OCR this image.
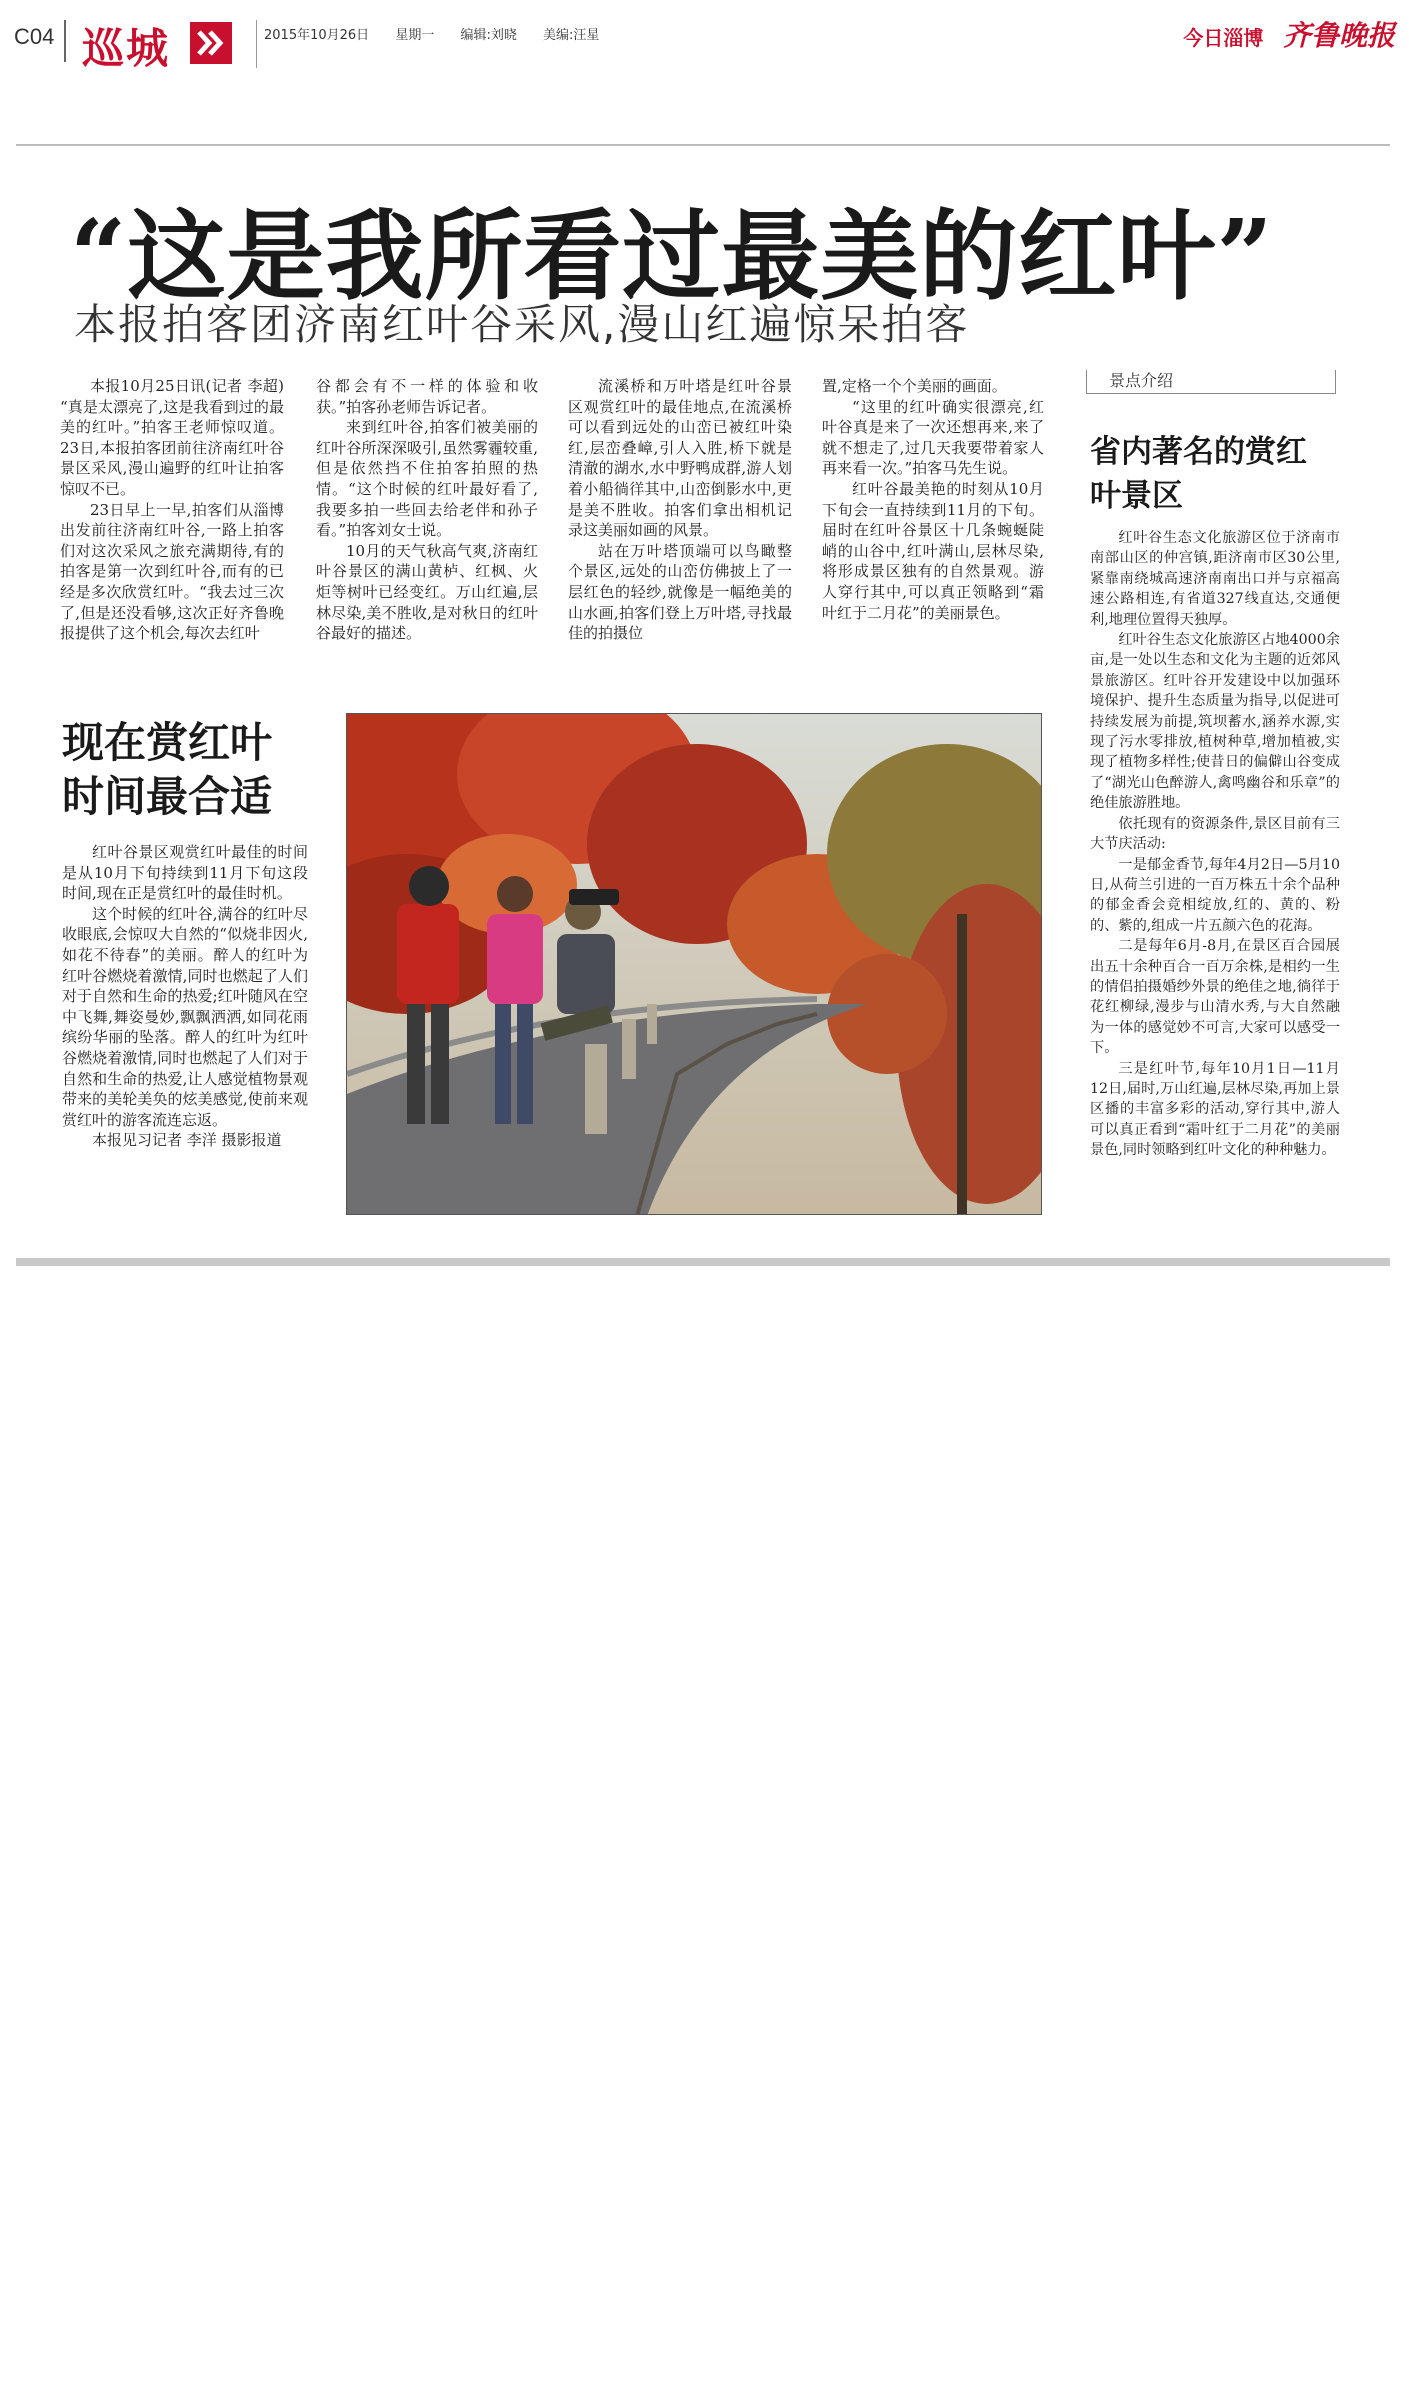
C04 巡城	2015年10月26日 星期一 编辑:刘晓 美编:汪星	今日淄博 齐鲁晚报
“这是我所看过最美的红叶”
本报拍客团济南红叶谷采风,漫山红遍惊呆拍客

本报10月25日讯(记者 李超) “真是太漂亮了,这是我看到过的最美的红叶。”拍客王老师惊叹道。23日,本报拍客团前往济南红叶谷景区采风,漫山遍野的红叶让拍客惊叹不已。

23日早上一早,拍客们从淄博出发前往济南红叶谷,一路上拍客们对这次采风之旅充满期待,有的拍客是第一次到红叶谷,而有的已经是多次欣赏红叶。“我去过三次了,但是还没看够,这次正好齐鲁晚报提供了这个机会,每次去红叶

谷都会有不一样的体验和收获。”拍客孙老师告诉记者。

来到红叶谷,拍客们被美丽的红叶谷所深深吸引,虽然雾霾较重,但是依然挡不住拍客拍照的热情。“这个时候的红叶最好看了,我要多拍一些回去给老伴和孙子看。”拍客刘女士说。

10月的天气秋高气爽,济南红叶谷景区的满山黄栌、红枫、火炬等树叶已经变红。万山红遍,层林尽染,美不胜收,是对秋日的红叶谷最好的描述。

流溪桥和万叶塔是红叶谷景区观赏红叶的最佳地点,在流溪桥可以看到远处的山峦已被红叶染红,层峦叠嶂,引人入胜,桥下就是清澈的湖水,水中野鸭成群,游人划着小船徜徉其中,山峦倒影水中,更是美不胜收。拍客们拿出相机记录这美丽如画的风景。

站在万叶塔顶端可以鸟瞰整个景区,远处的山峦仿佛披上了一层红色的轻纱,就像是一幅绝美的山水画,拍客们登上万叶塔,寻找最佳的拍摄位

置,定格一个个美丽的画面。

“这里的红叶确实很漂亮,红叶谷真是来了一次还想再来,来了就不想走了,过几天我要带着家人再来看一次。”拍客马先生说。

红叶谷最美艳的时刻从10月下旬会一直持续到11月的下旬。届时在红叶谷景区十几条蜿蜒陡峭的山谷中,红叶满山,层林尽染,将形成景区独有的自然景观。游人穿行其中,可以真正领略到“霜叶红于二月花”的美丽景色。

现在赏红叶时间最合适

红叶谷景区观赏红叶最佳的时间是从10月下旬持续到11月下旬这段时间,现在正是赏红叶的最佳时机。

这个时候的红叶谷,满谷的红叶尽收眼底,会惊叹大自然的“似烧非因火,如花不待春”的美丽。醉人的红叶为红叶谷燃烧着激情,同时也燃起了人们对于自然和生命的热爱;红叶随风在空中飞舞,舞姿曼妙,飘飘洒洒,如同花雨缤纷华丽的坠落。醉人的红叶为红叶谷燃烧着激情,同时也燃起了人们对于自然和生命的热爱,让人感觉植物景观带来的美轮美奂的炫美感觉,使前来观赏红叶的游客流连忘返。

本报见习记者 李洋 摄影报道

景点介绍
省内著名的赏红叶景区

红叶谷生态文化旅游区位于济南市南部山区的仲宫镇,距济南市区30公里,紧靠南绕城高速济南南出口并与京福高速公路相连,有省道327线直达,交通便利,地理位置得天独厚。

红叶谷生态文化旅游区占地4000余亩,是一处以生态和文化为主题的近郊风景旅游区。红叶谷开发建设中以加强环境保护、提升生态质量为指导,以促进可持续发展为前提,筑坝蓄水,涵养水源,实现了污水零排放,植树种草,增加植被,实现了植物多样性;使昔日的偏僻山谷变成了“湖光山色醉游人,禽鸣幽谷和乐章”的绝佳旅游胜地。

依托现有的资源条件,景区目前有三大节庆活动:

一是郁金香节,每年4月2日—5月10日,从荷兰引进的一百万株五十余个品种的郁金香会竞相绽放,红的、黄的、粉的、紫的,组成一片五颜六色的花海。

二是每年6月-8月,在景区百合园展出五十余种百合一百万余株,是相约一生的情侣拍摄婚纱外景的绝佳之地,徜徉于花红柳绿,漫步与山清水秀,与大自然融为一体的感觉妙不可言,大家可以感受一下。

三是红叶节,每年10月1日—11月12日,届时,万山红遍,层林尽染,再加上景区播的丰富多彩的活动,穿行其中,游人可以真正看到“霜叶红于二月花”的美丽景色,同时领略到红叶文化的种种魅力。
